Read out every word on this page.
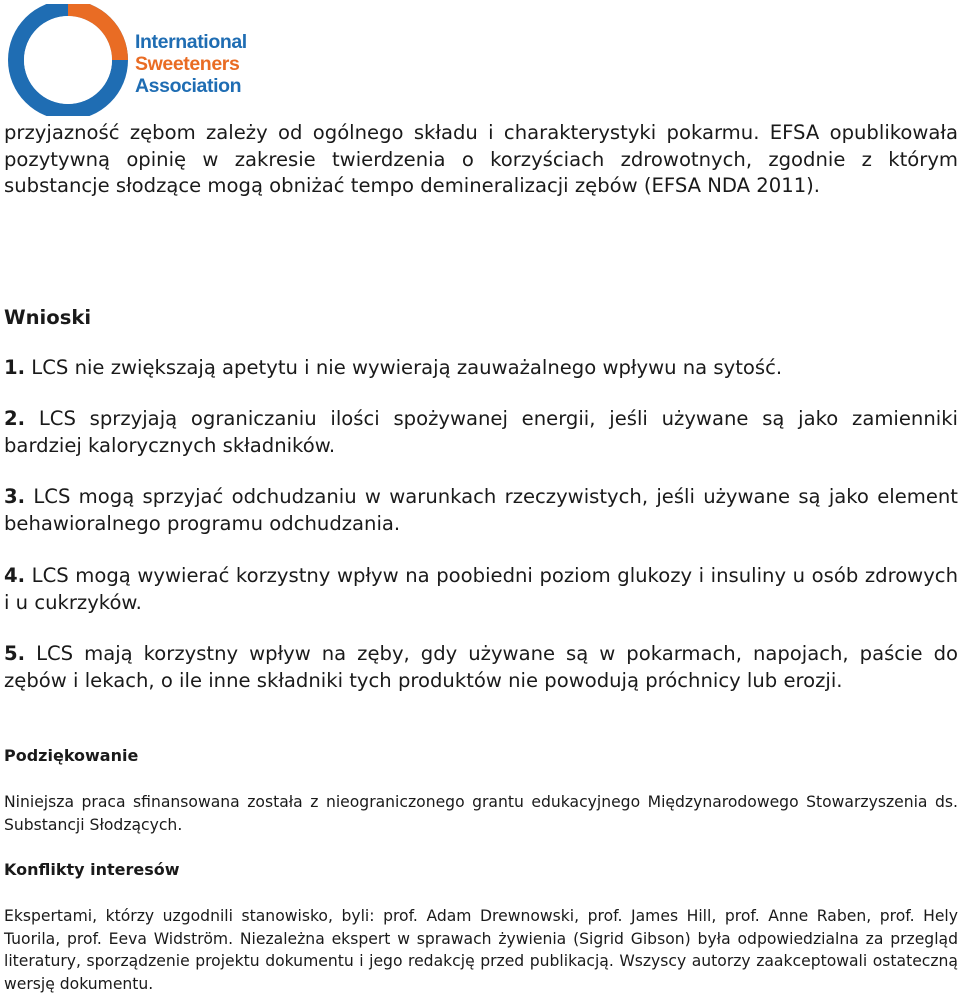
International
Sweeteners
Association

przyjazność zębom zależy od ogólnego składu i charakterystyki pokarmu. EFSA opublikowała pozytywną opinię w zakresie twierdzenia o korzyściach zdrowotnych, zgodnie z którym substancje słodzące mogą obniżać tempo demineralizacji zębów (EFSA NDA 2011).

Wnioski

1. LCS nie zwiększają apetytu i nie wywierają zauważalnego wpływu na sytość.

2. LCS sprzyjają ograniczaniu ilości spożywanej energii, jeśli używane są jako zamienniki bardziej kalorycznych składników.

3. LCS mogą sprzyjać odchudzaniu w warunkach rzeczywistych, jeśli używane są jako element behawioralnego programu odchudzania.

4. LCS mogą wywierać korzystny wpływ na poobiedni poziom glukozy i insuliny u osób zdrowych i u cukrzyków.

5. LCS mają korzystny wpływ na zęby, gdy używane są w pokarmach, napojach, paście do zębów i lekach, o ile inne składniki tych produktów nie powodują próchnicy lub erozji.

Podziękowanie

Niniejsza praca sfinansowana została z nieograniczonego grantu edukacyjnego Międzynarodowego Stowarzyszenia ds. Substancji Słodzących.

Konflikty interesów

Ekspertami, którzy uzgodnili stanowisko, byli: prof. Adam Drewnowski, prof. James Hill, prof. Anne Raben, prof. Hely Tuorila, prof. Eeva Widström. Niezależna ekspert w sprawach żywienia (Sigrid Gibson) była odpowiedzialna za przegląd literatury, sporządzenie projektu dokumentu i jego redakcję przed publikacją. Wszyscy autorzy zaakceptowali ostateczną wersję dokumentu.
